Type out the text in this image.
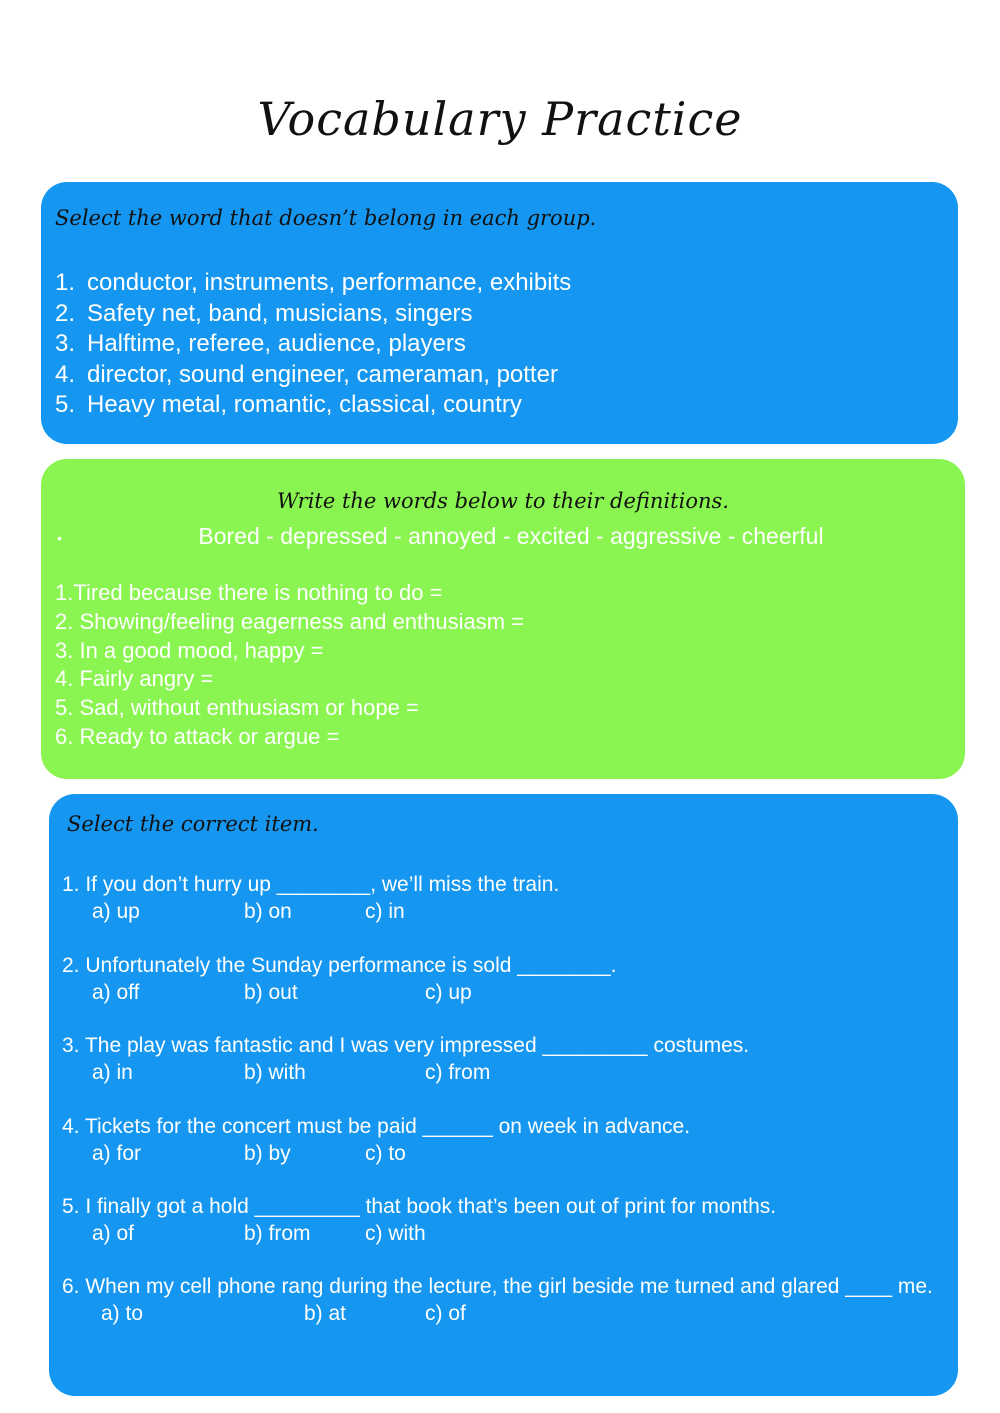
Vocabulary Practice
Select the word that doesn’t belong in each group.
1. conductor, instruments, performance, exhibits
2. Safety net, band, musicians, singers
3. Halftime, referee, audience, players
4. director, sound engineer, cameraman, potter
5. Heavy metal, romantic, classical, country
Write the words below to their definitions.
•	Bored - depressed - annoyed - excited - aggressive - cheerful
1.Tired because there is nothing to do =
2. Showing/feeling eagerness and enthusiasm =
3. In a good mood, happy =
4. Fairly angry =
5. Sad, without enthusiasm or hope =
6. Ready to attack or argue =
Select the correct item.
1. If you don’t hurry up ________, we’ll miss the train.
a) up	b) on	c) in
2. Unfortunately the Sunday performance is sold ________.
a) off	b) out	c) up
3. The play was fantastic and I was very impressed _________ costumes.
a) in	b) with	c) from
4. Tickets for the concert must be paid ______ on week in advance.
a) for	b) by	c) to
5. I finally got a hold _________ that book that’s been out of print for months.
a) of	b) from	c) with
6. When my cell phone rang during the lecture, the girl beside me turned and glared ____ me.
a) to	b) at	c) of
